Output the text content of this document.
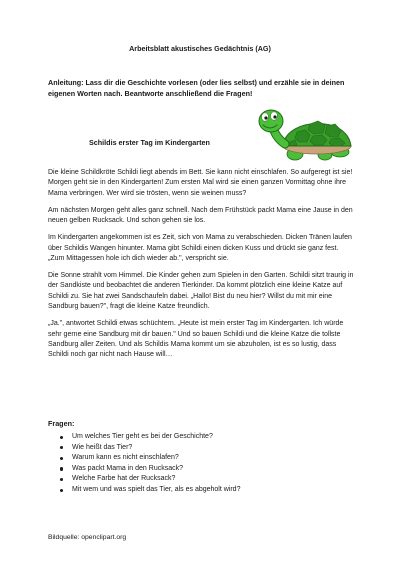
Arbeitsblatt akustisches Gedächtnis (AG)

Anleitung: Lass dir die Geschichte vorlesen (oder lies selbst) und erzähle sie in deinen eigenen Worten nach. Beantworte anschließend die Fragen!

Schildis erster Tag im Kindergarten

Die kleine Schildkröte Schildi liegt abends im Bett. Sie kann nicht einschlafen. So aufgeregt ist sie! Morgen geht sie in den Kindergarten! Zum ersten Mal wird sie einen ganzen Vormittag ohne ihre Mama verbringen. Wer wird sie trösten, wenn sie weinen muss?

Am nächsten Morgen geht alles ganz schnell. Nach dem Frühstück packt Mama eine Jause in den neuen gelben Rucksack. Und schon gehen sie los.

Im Kindergarten angekommen ist es Zeit, sich von Mama zu verabschieden. Dicken Tränen laufen über Schildis Wangen hinunter. Mama gibt Schildi einen dicken Kuss und drückt sie ganz fest. „Zum Mittagessen hole ich dich wieder ab.", verspricht sie.

Die Sonne strahlt vom Himmel. Die Kinder gehen zum Spielen in den Garten. Schildi sitzt traurig in der Sandkiste und beobachtet die anderen Tierkinder. Da kommt plötzlich eine kleine Katze auf Schildi zu. Sie hat zwei Sandschaufeln dabei. „Hallo! Bist du neu hier? Willst du mit mir eine Sandburg bauen?", fragt die kleine Katze freundlich.

„Ja.", antwortet Schildi etwas schüchtern. „Heute ist mein erster Tag im Kindergarten. Ich würde sehr gerne eine Sandburg mit dir bauen." Und so bauen Schildi und die kleine Katze die tollste Sandburg aller Zeiten. Und als Schildis Mama kommt um sie abzuholen, ist es so lustig, dass Schildi noch gar nicht nach Hause will…

Fragen:
Um welches Tier geht es bei der Geschichte?
Wie heißt das Tier?
Warum kann es nicht einschlafen?
Was packt Mama in den Rucksack?
Welche Farbe hat der Rucksack?
Mit wem und was spielt das Tier, als es abgeholt wird?

Bildquelle: openclipart.org
